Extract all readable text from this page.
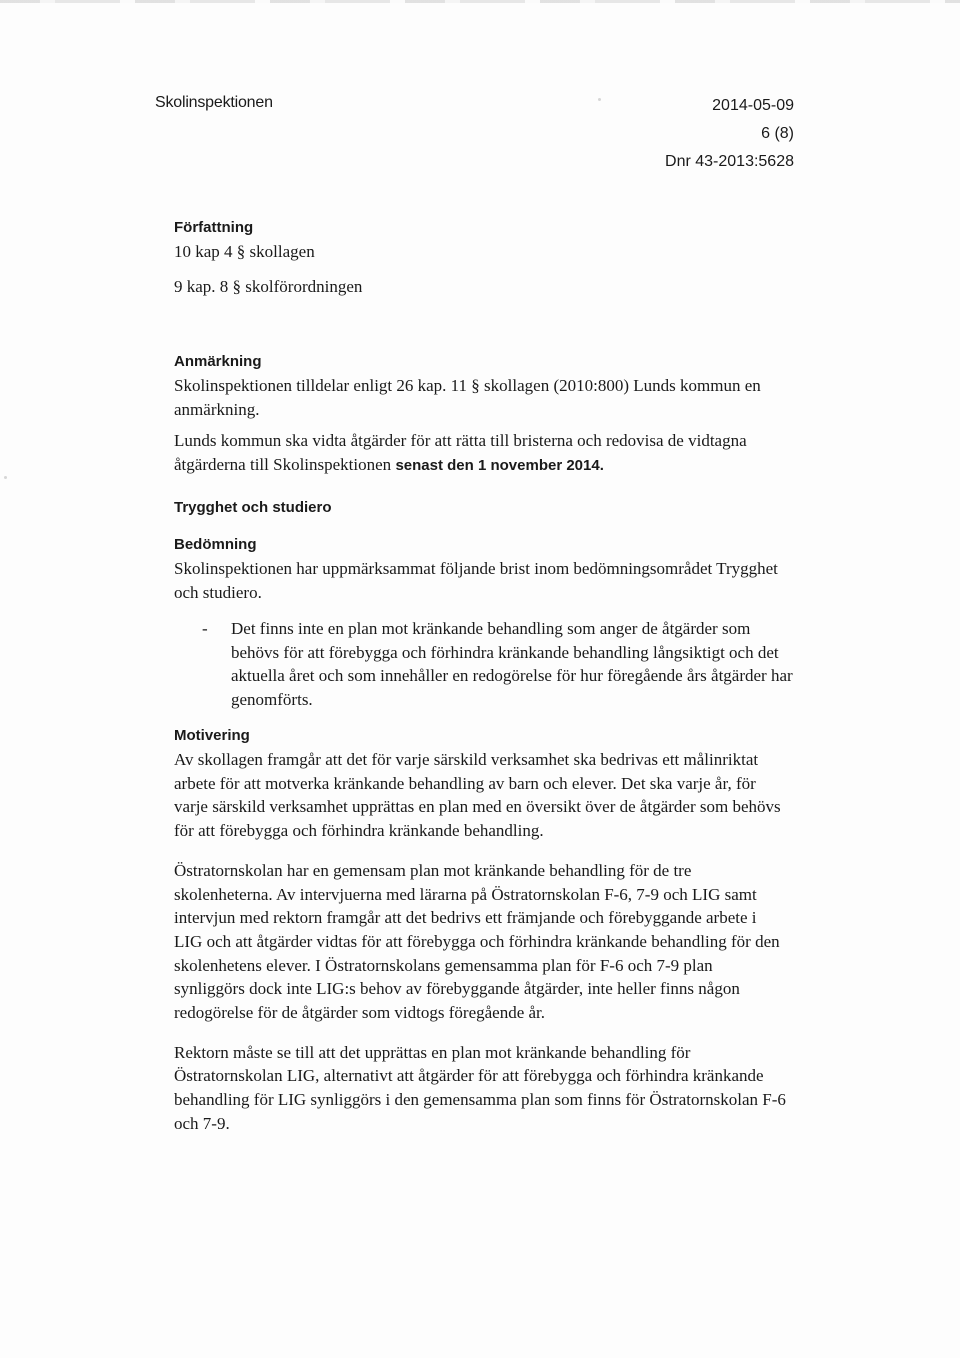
Skolinspektionen	2014-05-09
6 (8)
Dnr 43-2013:5628

Författning

10 kap 4 § skollagen

9 kap. 8 § skolförordningen

Anmärkning

Skolinspektionen tilldelar enligt 26 kap. 11 § skollagen (2010:800) Lunds kommun en anmärkning.

Lunds kommun ska vidta åtgärder för att rätta till bristerna och redovisa de vidtagna åtgärderna till Skolinspektionen senast den 1 november 2014.

Trygghet och studiero

Bedömning

Skolinspektionen har uppmärksammat följande brist inom bedömningsområdet Trygghet och studiero.

- Det finns inte en plan mot kränkande behandling som anger de åtgärder som behövs för att förebygga och förhindra kränkande behandling långsiktigt och det aktuella året och som innehåller en redogörelse för hur föregående års åtgärder har genomförts.

Motivering

Av skollagen framgår att det för varje särskild verksamhet ska bedrivas ett målinriktat arbete för att motverka kränkande behandling av barn och elever. Det ska varje år, för varje särskild verksamhet upprättas en plan med en översikt över de åtgärder som behövs för att förebygga och förhindra kränkande behandling.

Östratornskolan har en gemensam plan mot kränkande behandling för de tre skolenheterna. Av intervjuerna med lärarna på Östratornskolan F-6, 7-9 och LIG samt intervjun med rektorn framgår att det bedrivs ett främjande och förebyggande arbete i LIG och att åtgärder vidtas för att förebygga och förhindra kränkande behandling för den skolenhetens elever. I Östratornskolans gemensamma plan för F-6 och 7-9 plan synliggörs dock inte LIG:s behov av förebyggande åtgärder, inte heller finns någon redogörelse för de åtgärder som vidtogs föregående år.

Rektorn måste se till att det upprättas en plan mot kränkande behandling för Östratornskolan LIG, alternativt att åtgärder för att förebygga och förhindra kränkande behandling för LIG synliggörs i den gemensamma plan som finns för Östratornskolan F-6 och 7-9.
